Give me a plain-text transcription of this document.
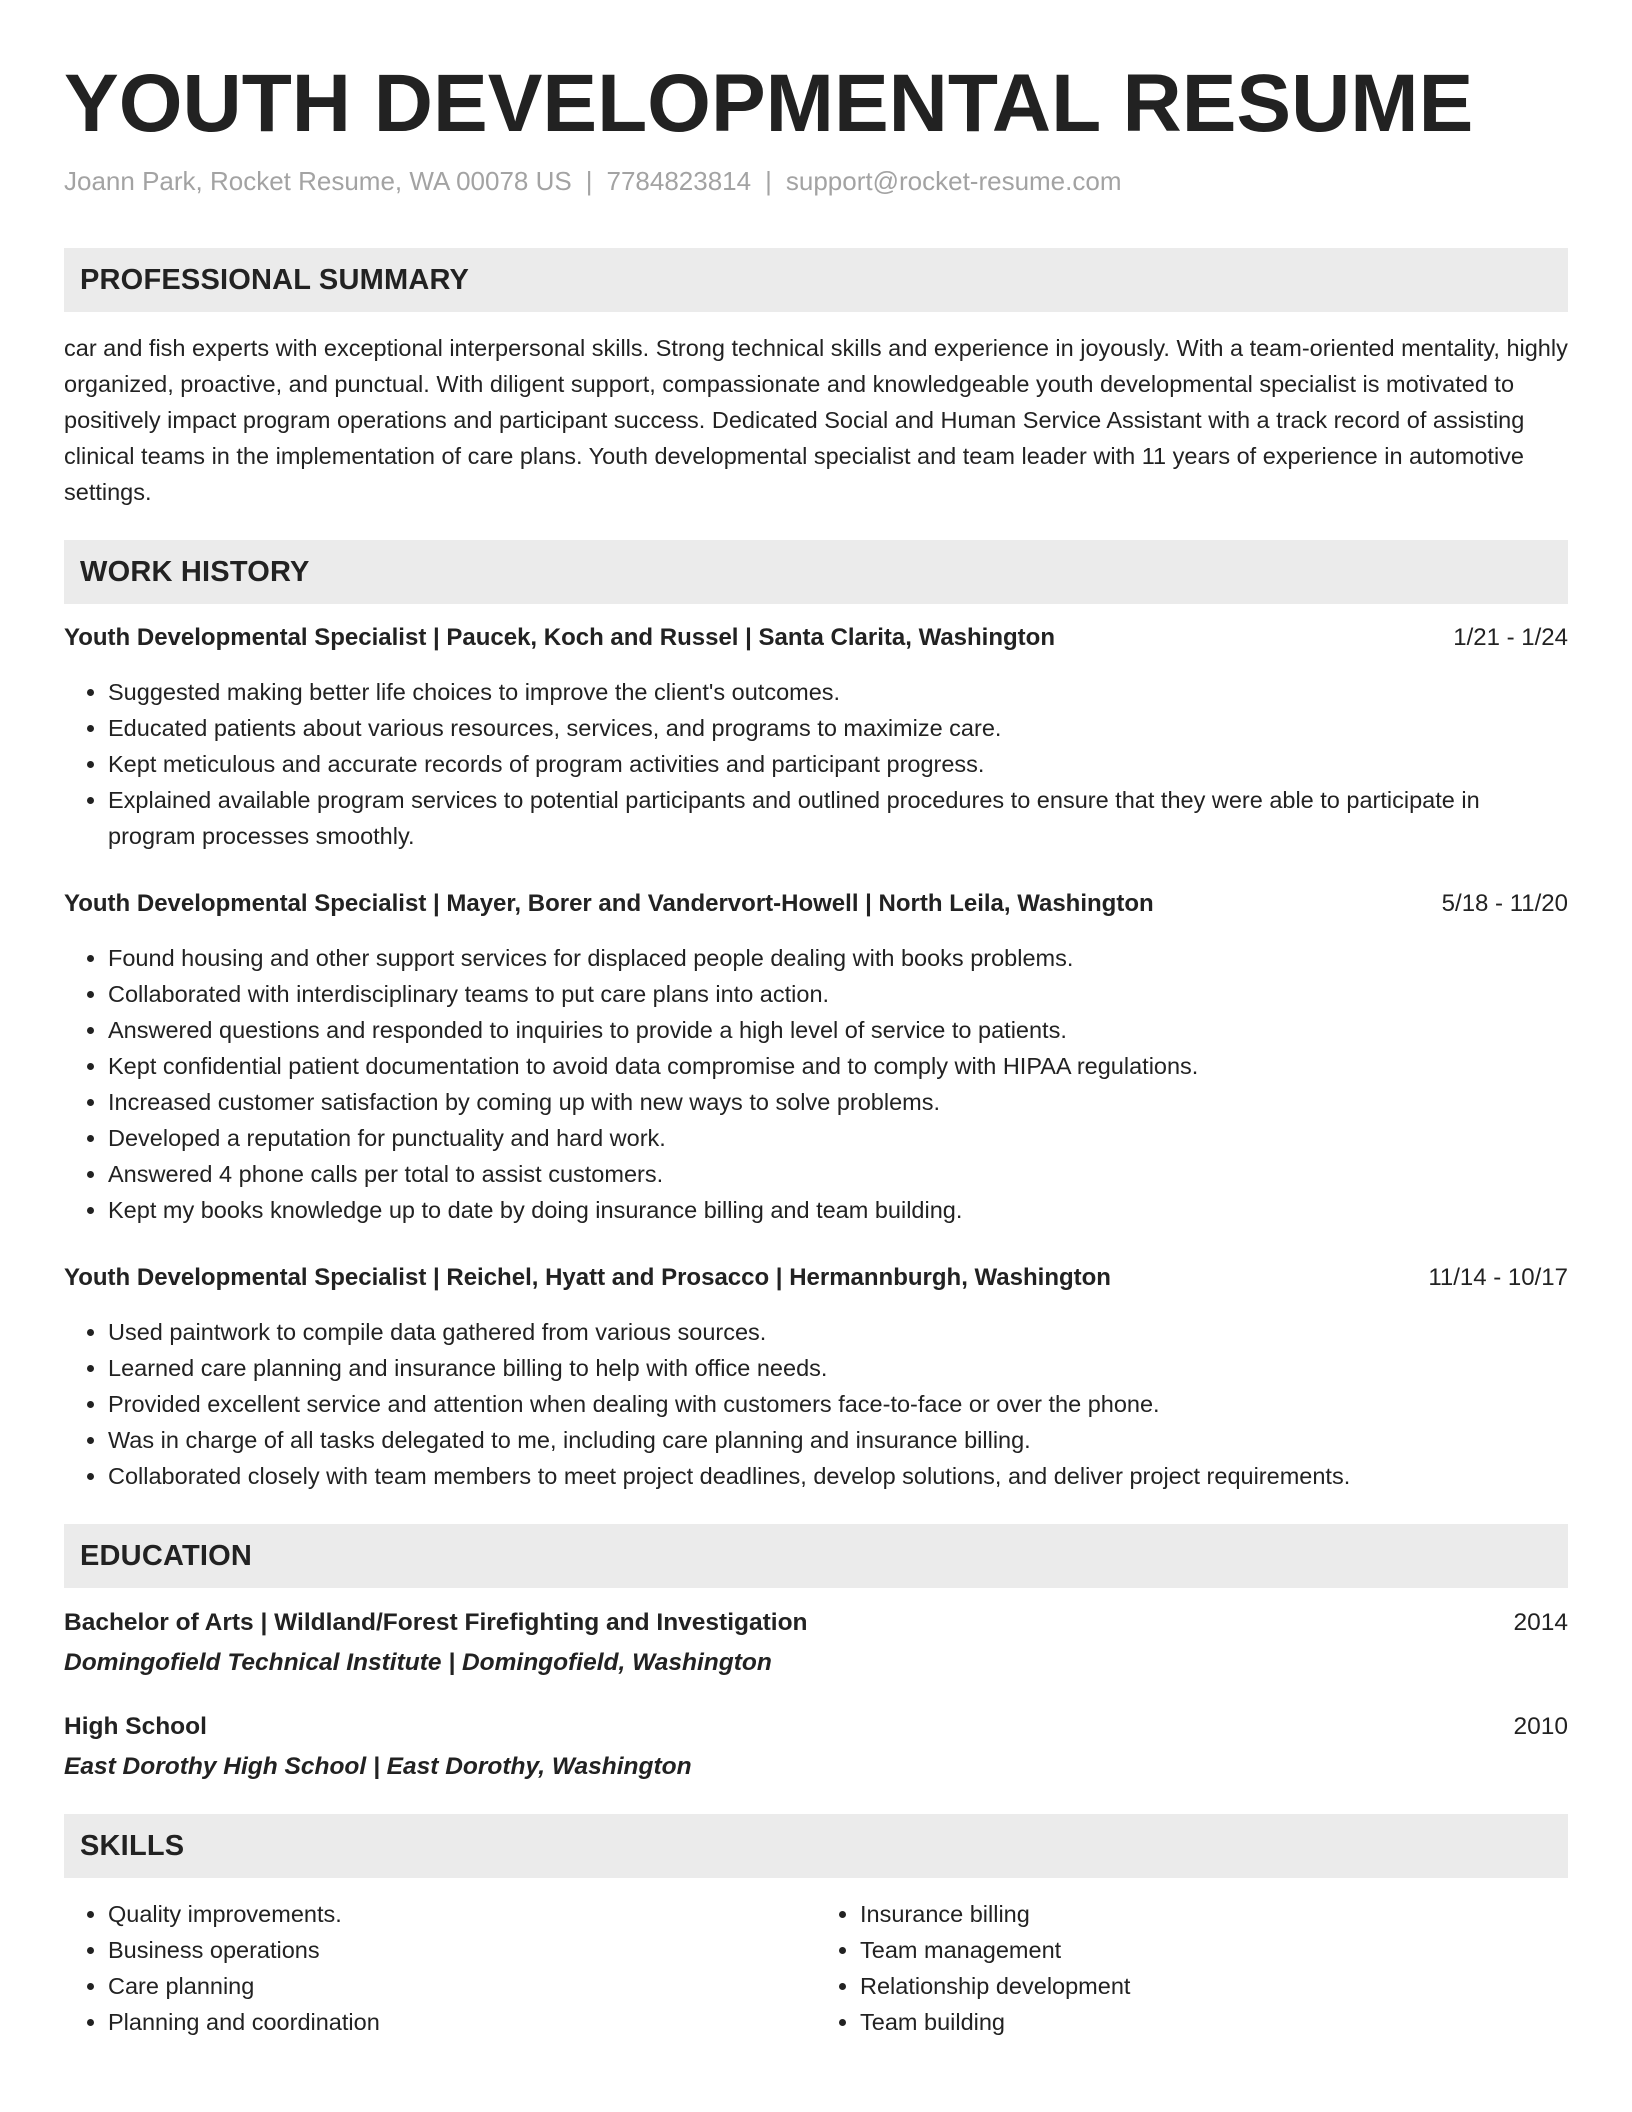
YOUTH DEVELOPMENTAL RESUME
Joann Park, Rocket Resume, WA 00078 US | 7784823814 | support@rocket-resume.com
PROFESSIONAL SUMMARY
car and fish experts with exceptional interpersonal skills. Strong technical skills and experience in joyously. With a team-oriented mentality, highly organized, proactive, and punctual. With diligent support, compassionate and knowledgeable youth developmental specialist is motivated to positively impact program operations and participant success. Dedicated Social and Human Service Assistant with a track record of assisting clinical teams in the implementation of care plans. Youth developmental specialist and team leader with 11 years of experience in automotive settings.
WORK HISTORY
Youth Developmental Specialist | Paucek, Koch and Russel | Santa Clarita, Washington	1/21 - 1/24
• Suggested making better life choices to improve the client's outcomes.
• Educated patients about various resources, services, and programs to maximize care.
• Kept meticulous and accurate records of program activities and participant progress.
• Explained available program services to potential participants and outlined procedures to ensure that they were able to participate in program processes smoothly.
Youth Developmental Specialist | Mayer, Borer and Vandervort-Howell | North Leila, Washington	5/18 - 11/20
• Found housing and other support services for displaced people dealing with books problems.
• Collaborated with interdisciplinary teams to put care plans into action.
• Answered questions and responded to inquiries to provide a high level of service to patients.
• Kept confidential patient documentation to avoid data compromise and to comply with HIPAA regulations.
• Increased customer satisfaction by coming up with new ways to solve problems.
• Developed a reputation for punctuality and hard work.
• Answered 4 phone calls per total to assist customers.
• Kept my books knowledge up to date by doing insurance billing and team building.
Youth Developmental Specialist | Reichel, Hyatt and Prosacco | Hermannburgh, Washington	11/14 - 10/17
• Used paintwork to compile data gathered from various sources.
• Learned care planning and insurance billing to help with office needs.
• Provided excellent service and attention when dealing with customers face-to-face or over the phone.
• Was in charge of all tasks delegated to me, including care planning and insurance billing.
• Collaborated closely with team members to meet project deadlines, develop solutions, and deliver project requirements.
EDUCATION
Bachelor of Arts | Wildland/Forest Firefighting and Investigation	2014
Domingofield Technical Institute | Domingofield, Washington
High School	2010
East Dorothy High School | East Dorothy, Washington
SKILLS
• Quality improvements.
• Business operations
• Care planning
• Planning and coordination
• Insurance billing
• Team management
• Relationship development
• Team building
